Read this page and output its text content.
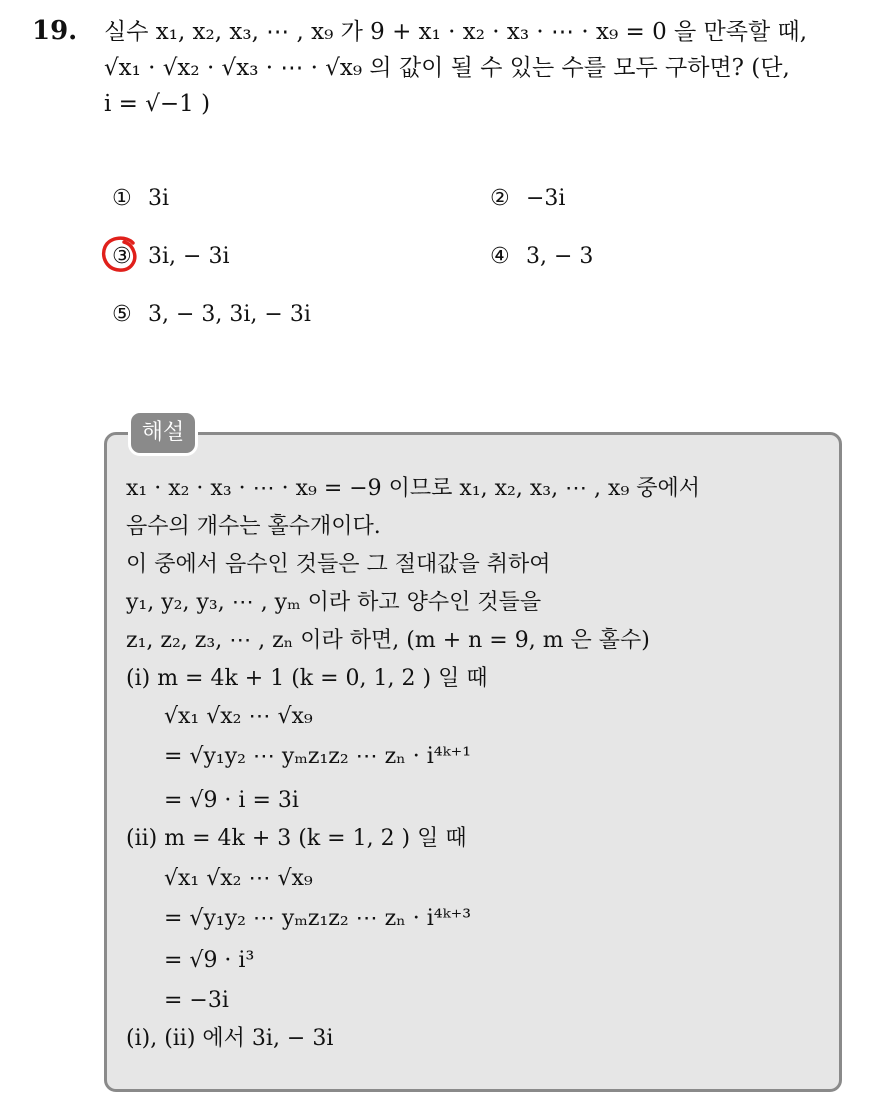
19. 실수 x₁, x₂, x₃, ⋯ , x₉ 가 9 + x₁ · x₂ · x₃ · ⋯ · x₉ = 0 을 만족할 때,
√x₁ · √x₂ · √x₃ · ⋯ · √x₉ 의 값이 될 수 있는 수를 모두 구하면? (단,
i = √−1 )
① 3i	② −3i
③ 3i, − 3i	④ 3, − 3
⑤ 3, − 3, 3i, − 3i
해설
x₁ · x₂ · x₃ · ⋯ · x₉ = −9 이므로 x₁, x₂, x₃, ⋯ , x₉ 중에서
음수의 개수는 홀수개이다.
이 중에서 음수인 것들은 그 절대값을 취하여
y₁, y₂, y₃, ⋯ , yₘ 이라 하고 양수인 것들을
z₁, z₂, z₃, ⋯ , zₙ 이라 하면, (m + n = 9, m 은 홀수)
(i) m = 4k + 1 (k = 0, 1, 2 ) 일 때
√x₁ √x₂ ⋯ √x₉
= √y₁y₂ ⋯ yₘz₁z₂ ⋯ zₙ · i⁴ᵏ⁺¹
= √9 · i = 3i
(ii) m = 4k + 3 (k = 1, 2 ) 일 때
√x₁ √x₂ ⋯ √x₉
= √y₁y₂ ⋯ yₘz₁z₂ ⋯ zₙ · i⁴ᵏ⁺³
= √9 · i³
= −3i
(i), (ii) 에서 3i, − 3i
